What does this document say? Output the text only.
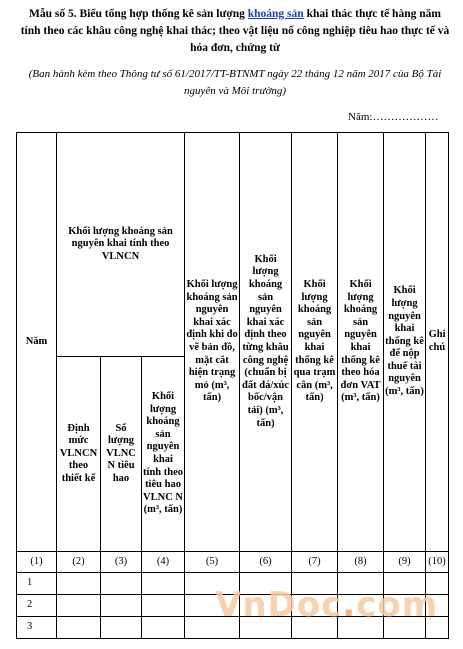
Mẫu số 5. Biểu tổng hợp thống kê sản lượng khoáng sản khai thác thực tế hàng năm tính theo các khâu công nghệ khai thác; theo vật liệu nổ công nghiệp tiêu hao thực tế và hóa đơn, chứng từ
(Ban hành kèm theo Thông tư số 61/2017/TT-BTNMT ngày 22 tháng 12 năm 2017 của Bộ Tài nguyên và Môi trường)
Năm:………………
Năm	Khối lượng khoáng sản nguyên khai tính theo VLNCN			Khối lượng khoáng sản nguyên khai xác định khi đo vẽ bản đồ, mặt cắt hiện trạng mỏ (m³, tấn)	Khối lượng khoáng sản nguyên khai xác định theo từng khâu công nghệ (chuẩn bị đất đá/xúc bốc/vận tải) (m³, tấn)	Khối lượng khoáng sản nguyên khai thống kê qua trạm cân (m³, tấn)	Khối lượng khoáng sản nguyên khai thống kê theo hóa đơn VAT (m³, tấn)	Khối lượng nguyên khai thống kê để nộp thuế tài nguyên (m³, tấn)	Ghi chú
	Định mức VLNCN theo thiết kế	Số lượng VLNC N tiêu hao	Khối lượng khoáng sản nguyên khai tính theo tiêu hao VLNC N (m³, tấn)						
(1)	(2)	(3)	(4)	(5)	(6)	(7)	(8)	(9)	(10)
1									
2									
3									
VnDoc.com
